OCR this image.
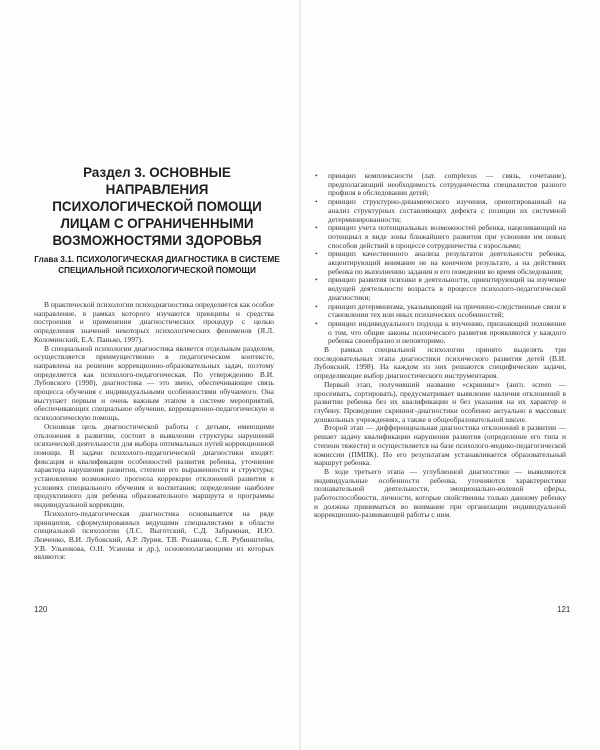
Раздел 3. ОСНОВНЫЕ НАПРАВЛЕНИЯ ПСИХОЛОГИЧЕСКОЙ ПОМОЩИ ЛИЦАМ С ОГРАНИЧЕННЫМИ ВОЗМОЖНОСТЯМИ ЗДОРОВЬЯ
Глава 3.1. ПСИХОЛОГИЧЕСКАЯ ДИАГНОСТИКА В СИСТЕМЕ СПЕЦИАЛЬНОЙ ПСИХОЛОГИЧЕСКОЙ ПОМОЩИ

В практической психологии психодиагностика определяется как особое направление, в рамках которого изучаются принципы и средства построения и применения диагностических процедур с целью определения значений некоторых психологических феноменов (Я.Л. Коломинский, Е.А. Панько, 1997).

В специальной психологии диагностика является отдельным разделом, осуществляется преимущественно в педагогическом контексте, направлена на решение коррекционно-образовательных задач, поэтому определяется как психолого-педагогическая. По утверждению В.И. Лубовского (1998), диагностика — это звено, обеспечивающее связь процесса обучения с индивидуальными особенностями обучаемого. Она выступает первым и очень важным этапом в системе мероприятий, обеспечивающих специальное обучение, коррекционно-педагогическую и психологическую помощь.

Основная цель диагностической работы с детьми, имеющими отклонения в развитии, состоит в выявлении структуры нарушений психической деятельности для выбора оптимальных путей коррекционной помощи. В задачи психолого-педагогической диагностики входят: фиксация и квалификация особенностей развития ребенка, уточнение характера нарушения развития, степени его выраженности и структуры; установление возможного прогноза коррекции отклонений развития в условиях специального обучения и воспитания; определение наиболее продуктивного для ребенка образовательного маршрута и программы индивидуальной коррекции.

Психолого-педагогическая диагностика основывается на ряде принципов, сформулированных ведущими специалистами в области специальной психологии (Л.С. Выготский, С.Д. Забрамная, И.Ю. Левченко, В.И. Лубовский, А.Р. Лурия, Т.В. Розанова, С.Я. Рубинштейн, У.В. Ульенкова, О.Н. Усанова и др.), основополагающими из которых являются:

120
• принцип комплексности (лат. complexus — связь, сочетание), предполагающий необходимость сотрудничества специалистов разного профиля в обследовании детей;
• принцип структурно-динамического изучения, ориентированный на анализ структурных составляющих дефекта с позиции их системной детерминированности;
• принцип учета потенциальных возможностей ребенка, нацеливающий на потенциал в виде зоны ближайшего развития при усвоении им новых способов действий в процессе сотрудничества с взрослыми;
• принцип качественного анализа результатов деятельности ребенка, акцентирующий внимание не на конечном результате, а на действиях ребенка по выполнению задания и его поведении во время обследования;
• принцип развития психики в деятельности, ориентирующий на изучение ведущей деятельности возраста в процессе психолого-педагогической диагностики;
• принцип детерминизма, указывающий на причинно-следственные связи в становлении тех или иных психических особенностей;
• принцип индивидуального подхода к изучению, признающий положение о том, что общие законы психического развития проявляются у каждого ребенка своеобразно и неповторимо.

В рамках специальной психологии принято выделять три последовательных этапа диагностики психического развития детей (В.И. Лубовский, 1998). На каждом из них решаются специфические задачи, определяющие выбор диагностического инструментария.

Первый этап, получивший название «скрининг» (англ. screen — просеивать, сортировать), предусматривает выявление наличия отклонений в развитии ребенка без их квалификации и без указания на их характер и глубину. Проведение скрининг-диагностики особенно актуально в массовых дошкольных учреждениях, а также в общеобразовательной школе.

Второй этап — дифференциальная диагностика отклонений в развитии — решает задачу квалификации нарушения развития (определение его типа и степени тяжести) и осуществляется на базе психолого-медико-педагогической комиссии (ПМПК). По его результатам устанавливается образовательный маршрут ребенка.

В ходе третьего этапа — углубленной диагностики — выявляются индивидуальные особенности ребенка, уточняются характеристики познавательной деятельности, эмоционально-волевой сферы, работоспособности, личности, которые свойственны только данному ребенку и должны приниматься во внимание при организации индивидуальной коррекционно-развивающей работы с ним.

121
